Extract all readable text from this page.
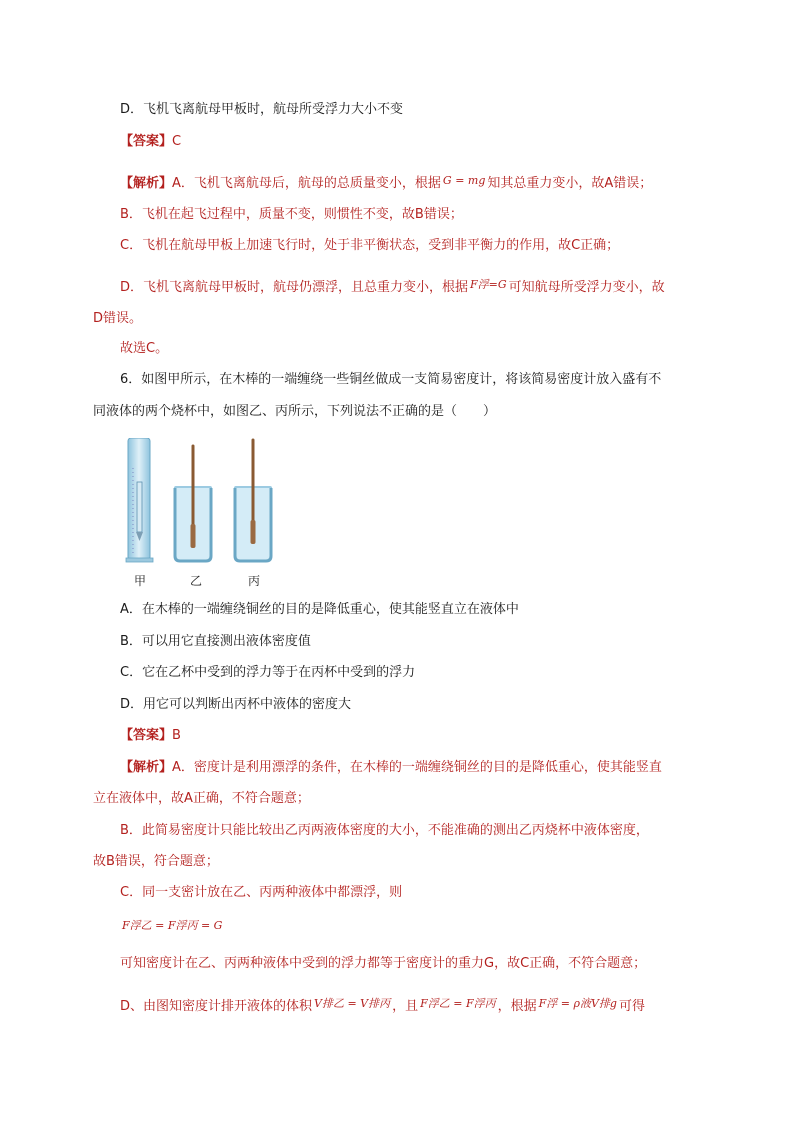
D．飞机飞离航母甲板时，航母所受浮力大小不变
【答案】C
【解析】A．飞机飞离航母后，航母的总质量变小，根据 $^{G = mg}$ 知其总重力变小，故A错误；
B．飞机在起飞过程中，质量不变，则惯性不变，故B错误；
C．飞机在航母甲板上加速飞行时，处于非平衡状态，受到非平衡力的作用，故C正确；
D．飞机飞离航母甲板时，航母仍漂浮，且总重力变小，根据 $^{F浮=G}$ 可知航母所受浮力变小，故
D错误。
故选C。
6．如图甲所示，在木棒的一端缠绕一些铜丝做成一支简易密度计，将该简易密度计放入盛有不
同液体的两个烧杯中，如图乙、丙所示，下列说法不正确的是（　　）
甲	乙	丙
A．在木棒的一端缠绕铜丝的目的是降低重心，使其能竖直立在液体中
B．可以用它直接测出液体密度值
C．它在乙杯中受到的浮力等于在丙杯中受到的浮力
D．用它可以判断出丙杯中液体的密度大
【答案】B
【解析】A．密度计是利用漂浮的条件，在木棒的一端缠绕铜丝的目的是降低重心，使其能竖直
立在液体中，故A正确，不符合题意；
B．此简易密度计只能比较出乙丙两液体密度的大小，不能准确的测出乙丙烧杯中液体密度，
故B错误，符合题意；
C．同一支密计放在乙、丙两种液体中都漂浮，则
$^{F浮乙 = F浮丙 = G}$
可知密度计在乙、丙两种液体中受到的浮力都等于密度计的重力G，故C正确，不符合题意；
D、由图知密度计排开液体的体积 $^{V排乙 = V排丙}$ ，且 $^{F浮乙 = F浮丙}$ ，根据 $^{F浮 = \rho 液V排g}$ 可得
